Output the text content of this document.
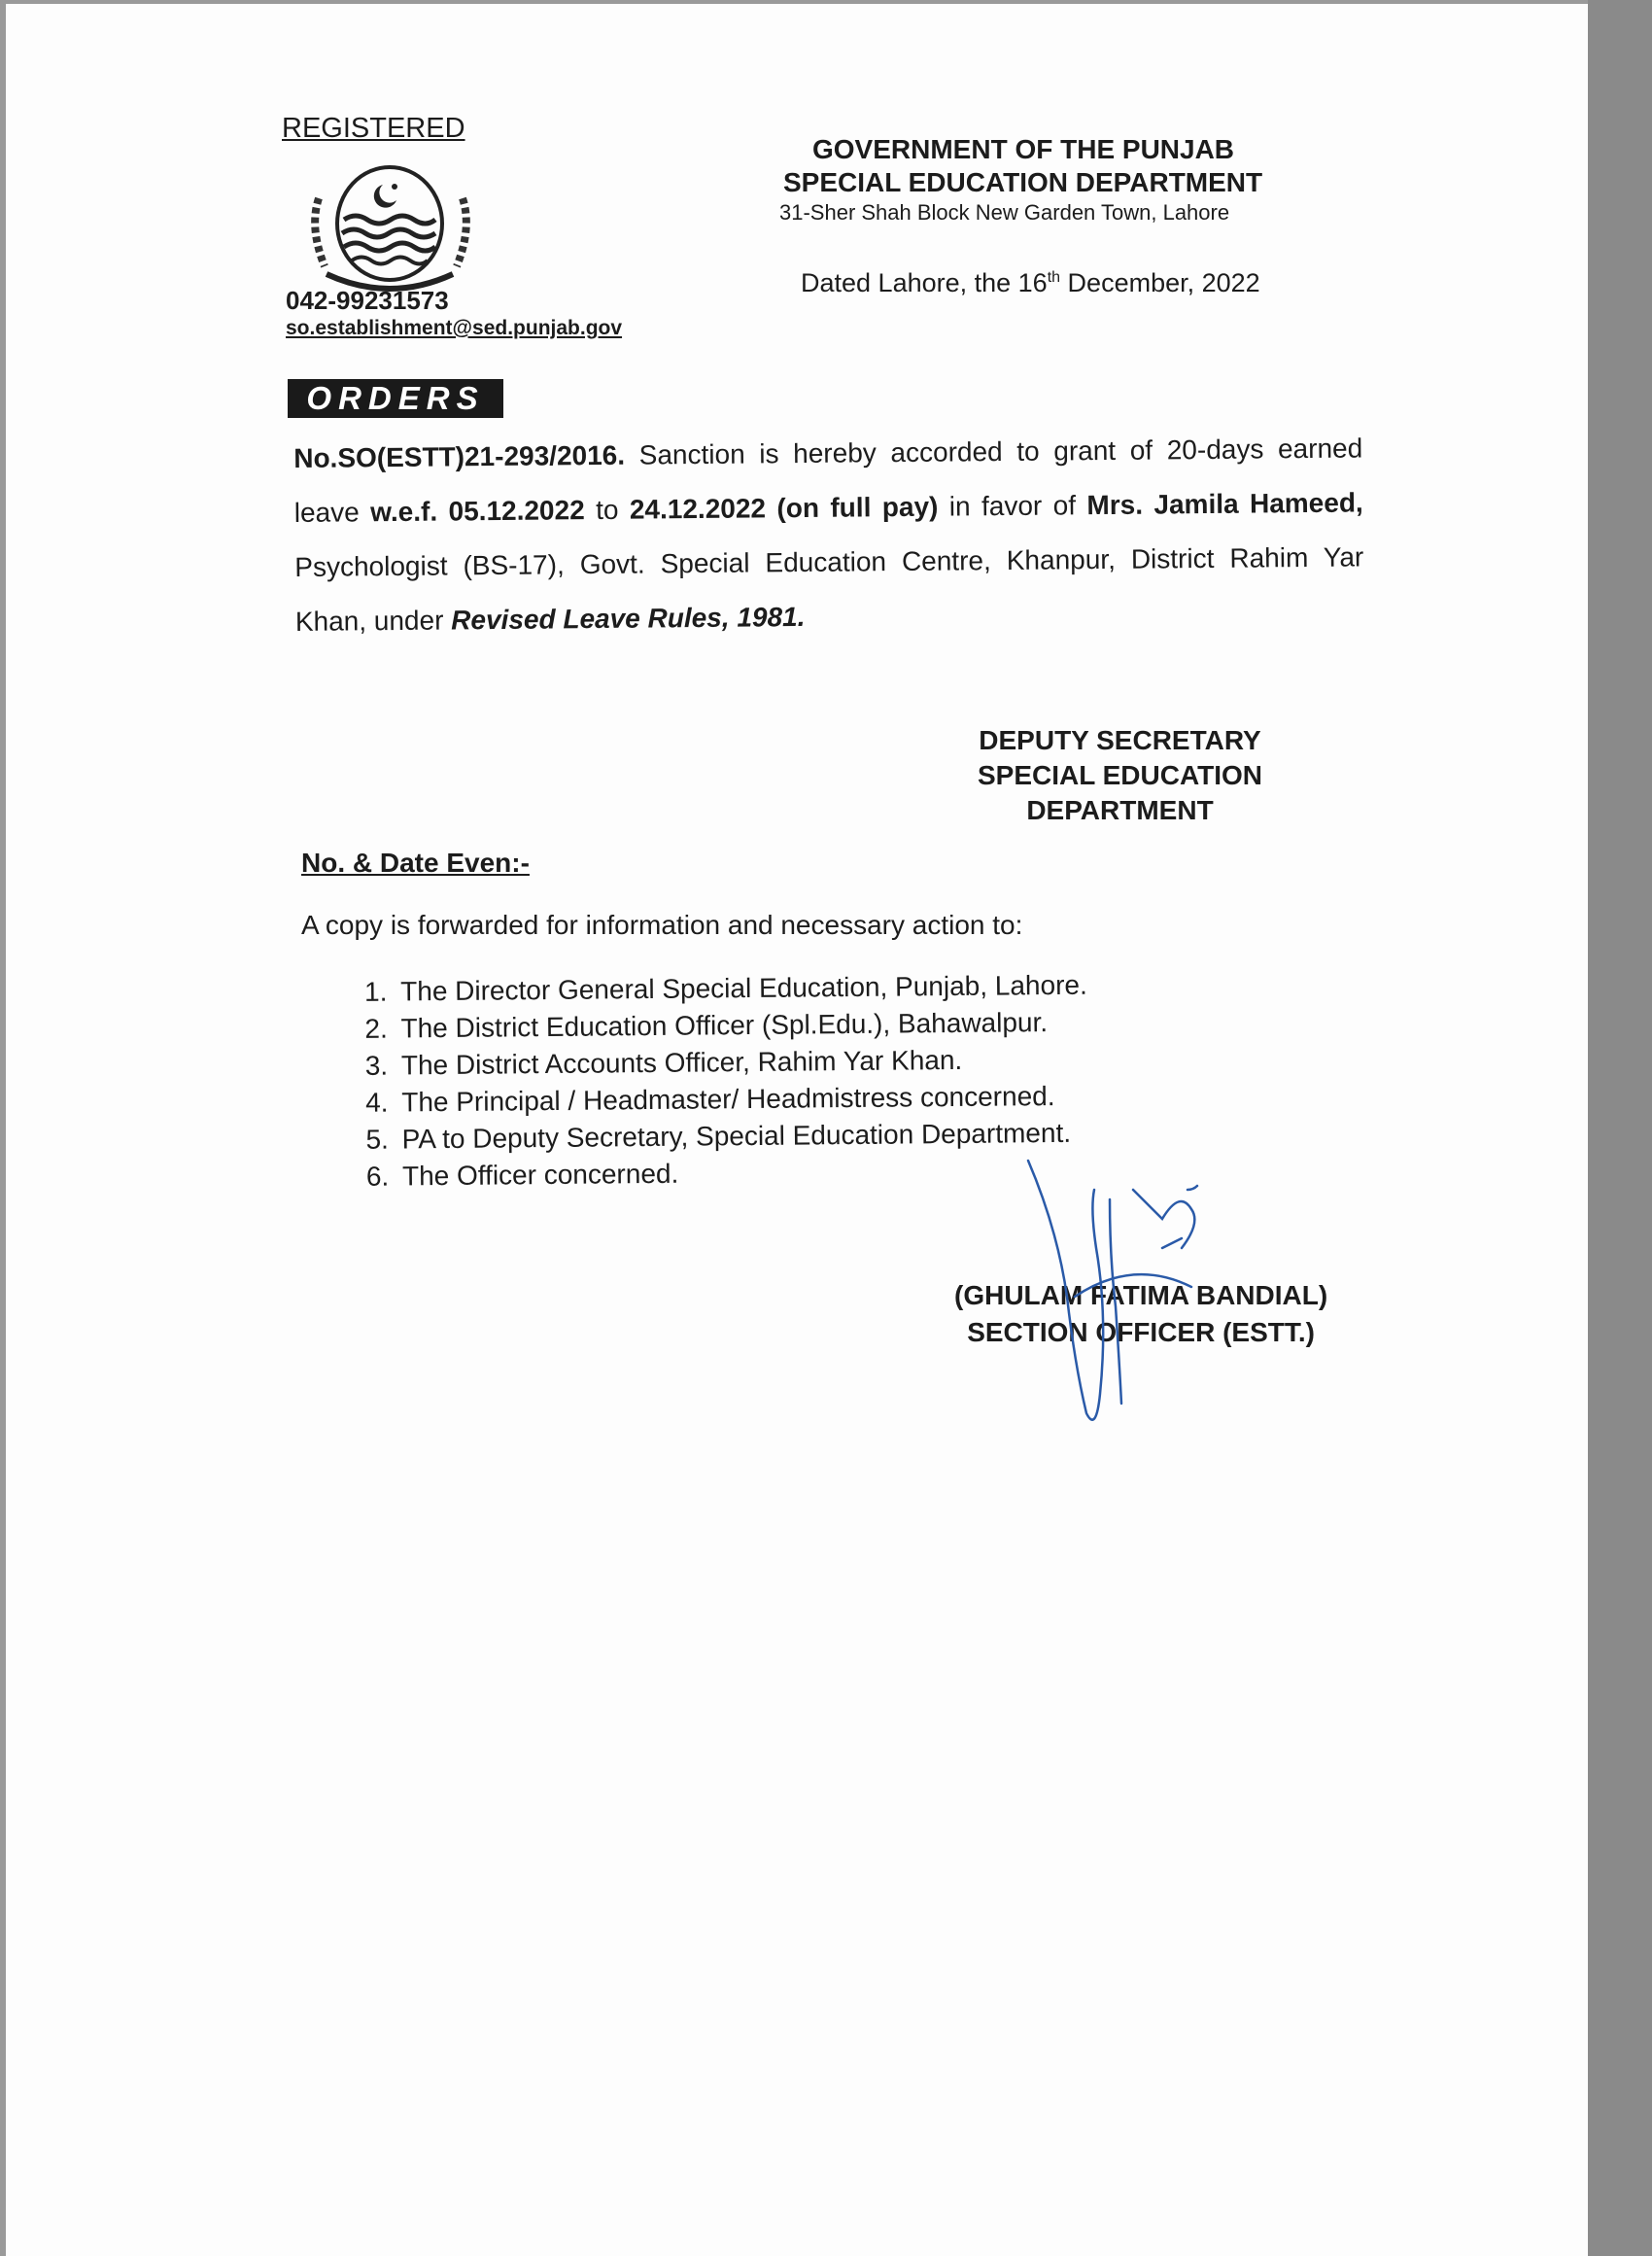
REGISTERED
042-99231573
so.establishment@sed.punjab.gov
GOVERNMENT OF THE PUNJAB
SPECIAL EDUCATION DEPARTMENT
31-Sher Shah Block New Garden Town, Lahore
Dated Lahore, the 16th December, 2022
ORDERS
No.SO(ESTT)21-293/2016. Sanction is hereby accorded to grant of 20-days earned leave w.e.f. 05.12.2022 to 24.12.2022 (on full pay) in favor of Mrs. Jamila Hameed, Psychologist (BS-17), Govt. Special Education Centre, Khanpur, District Rahim Yar Khan, under Revised Leave Rules, 1981.
DEPUTY SECRETARY
SPECIAL EDUCATION
DEPARTMENT
No. & Date Even:-
A copy is forwarded for information and necessary action to:
1. The Director General Special Education, Punjab, Lahore.
2. The District Education Officer (Spl.Edu.), Bahawalpur.
3. The District Accounts Officer, Rahim Yar Khan.
4. The Principal / Headmaster/ Headmistress concerned.
5. PA to Deputy Secretary, Special Education Department.
6. The Officer concerned.
(GHULAM FATIMA BANDIAL)
SECTION OFFICER (ESTT.)
